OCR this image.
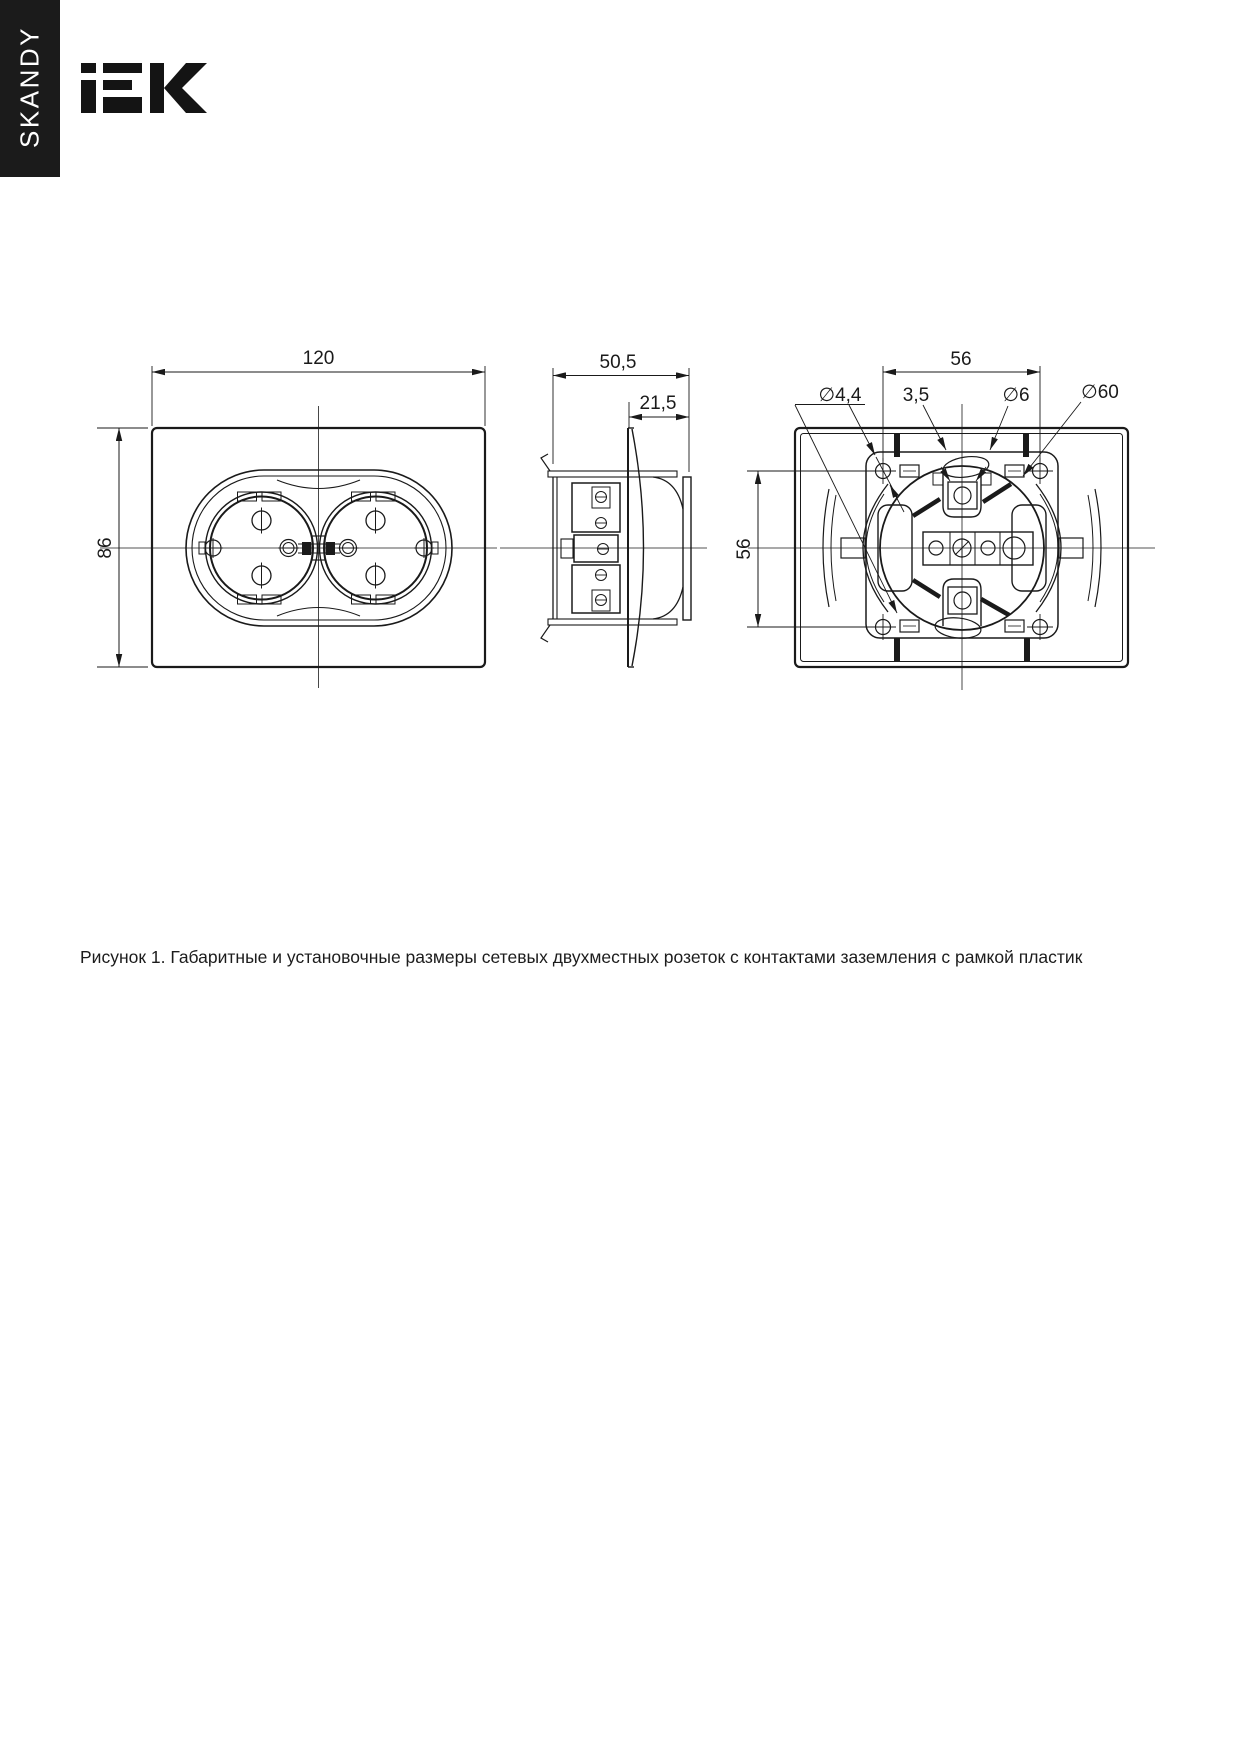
SKANDY
120
86
50,5
21,5
56
56
∅4,4 3,5	∅6	∅60

Рисунок 1. Габаритные и установочные размеры сетевых двухместных розеток с контактами заземления с рамкой пластик
